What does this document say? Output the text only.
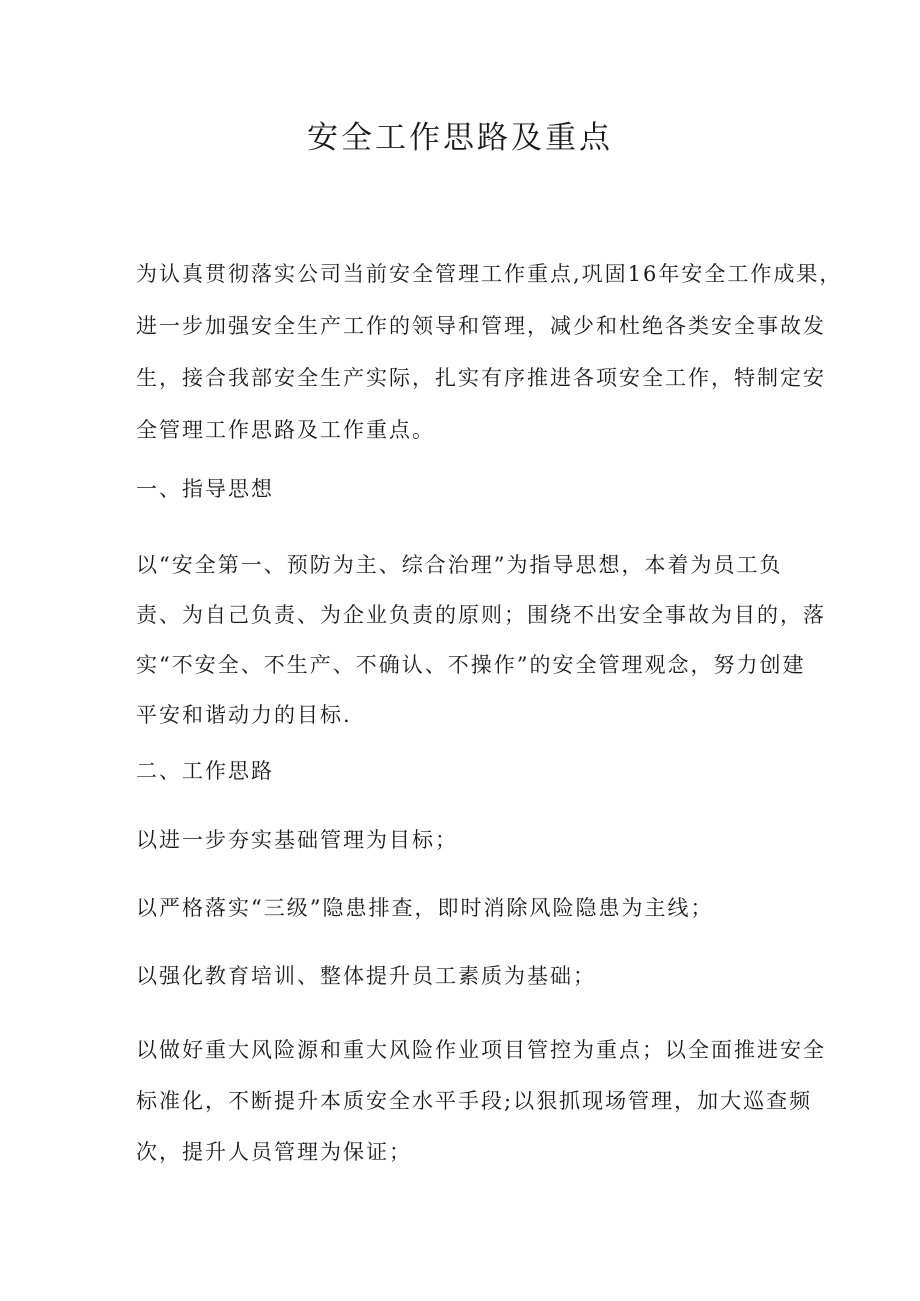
安全工作思路及重点

为认真贯彻落实公司当前安全管理工作重点,巩固16年安全工作成果，
进一步加强安全生产工作的领导和管理，减少和杜绝各类安全事故发
生，接合我部安全生产实际，扎实有序推进各项安全工作，特制定安
全管理工作思路及工作重点。

一、指导思想

以“安全第一、预防为主、综合治理”为指导思想，本着为员工负
责、为自己负责、为企业负责的原则；围绕不出安全事故为目的，落
实“不安全、不生产、不确认、不操作”的安全管理观念，努力创建
平安和谐动力的目标.

二、工作思路

以进一步夯实基础管理为目标；

以严格落实“三级”隐患排查，即时消除风险隐患为主线；

以强化教育培训、整体提升员工素质为基础；

以做好重大风险源和重大风险作业项目管控为重点；以全面推进安全
标准化，不断提升本质安全水平手段;以狠抓现场管理，加大巡查频
次，提升人员管理为保证；
